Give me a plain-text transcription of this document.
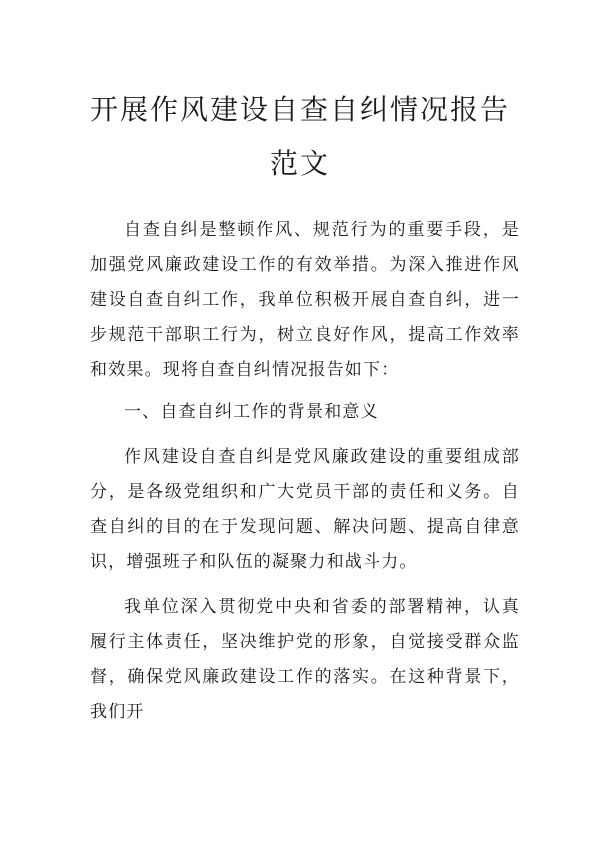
开展作风建设自查自纠情况报告
范文

自查自纠是整顿作风、规范行为的重要手段，是加强党风廉政建设工作的有效举措。为深入推进作风建设自查自纠工作，我单位积极开展自查自纠，进一步规范干部职工行为，树立良好作风，提高工作效率和效果。现将自查自纠情况报告如下：

一、自查自纠工作的背景和意义

作风建设自查自纠是党风廉政建设的重要组成部分，是各级党组织和广大党员干部的责任和义务。自查自纠的目的在于发现问题、解决问题、提高自律意识，增强班子和队伍的凝聚力和战斗力。

我单位深入贯彻党中央和省委的部署精神，认真履行主体责任，坚决维护党的形象，自觉接受群众监督，确保党风廉政建设工作的落实。在这种背景下，我们开
